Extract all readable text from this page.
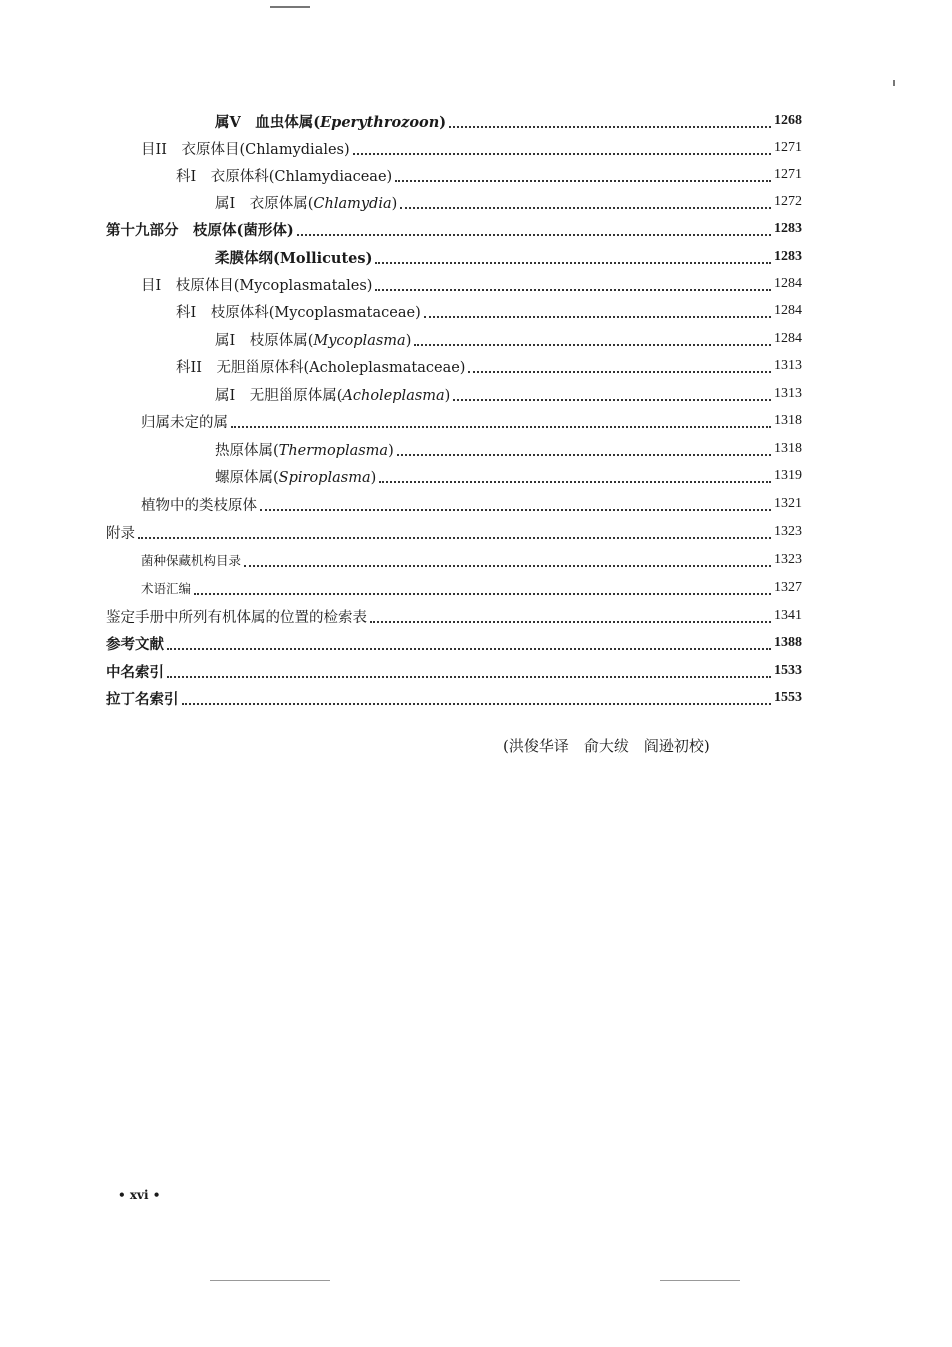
属Ⅴ　血虫体属(Eperythrozoon)	1268
目II　衣原体目(Chlamydiales)	1271
科Ⅰ　衣原体科(Chlamydiaceae)	1271
属Ⅰ　衣原体属(Chlamydia)	1272
第十九部分　枝原体(菌形体)	1283
柔膜体纲(Mollicutes)	1283
目Ⅰ　枝原体目(Mycoplasmatales)	1284
科Ⅰ　枝原体科(Mycoplasmataceae)	1284
属Ⅰ　枝原体属(Mycoplasma)	1284
科II　无胆甾原体科(Acholeplasmataceae)	1313
属Ⅰ　无胆甾原体属(Acholeplasma)	1313
归属未定的属	1318
热原体属(Thermoplasma)	1318
螺原体属(Spiroplasma)	1319
植物中的类枝原体	1321
附录	1323
菌种保藏机构目录	1323
术语汇编	1327
鉴定手册中所列有机体属的位置的检索表	1341
参考文献	1388
中名索引	1533
拉丁名索引	1553
(洪俊华译　俞大绂　阎逊初校)
• xvi •
